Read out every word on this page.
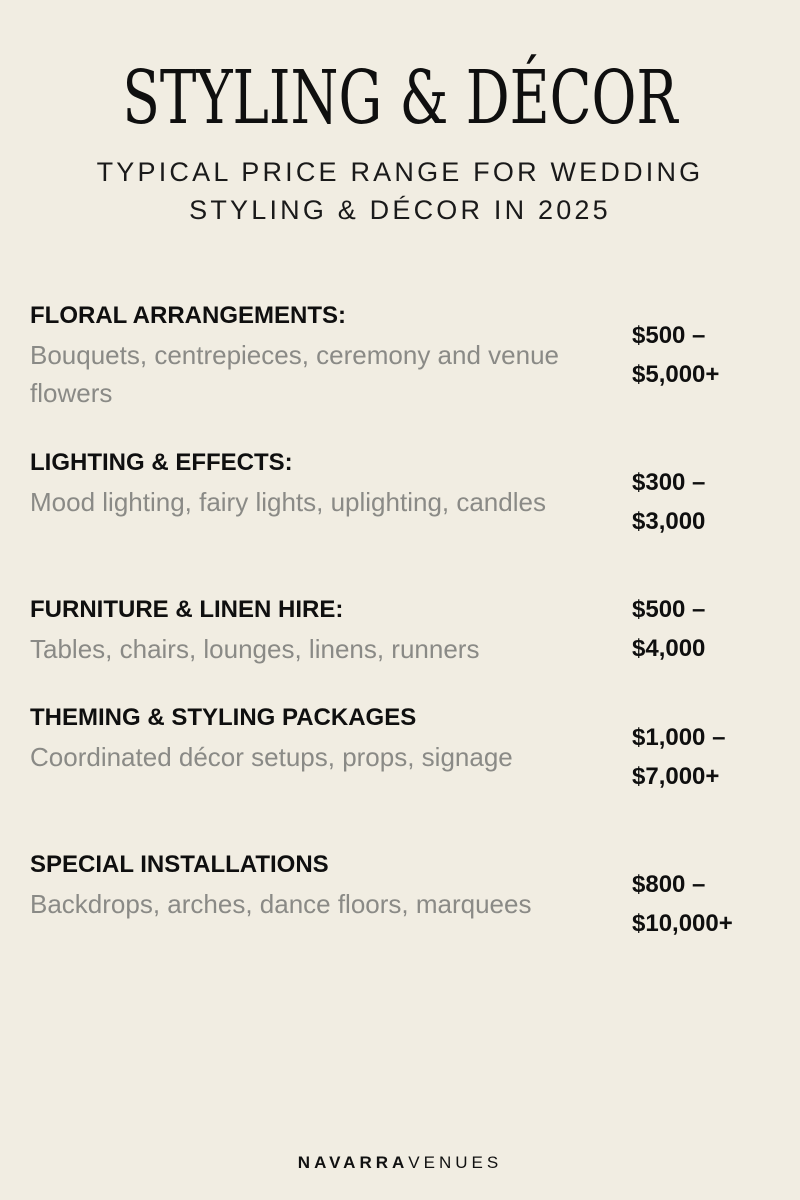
STYLING & DÉCOR
TYPICAL PRICE RANGE FOR WEDDING STYLING & DÉCOR IN 2025
FLORAL ARRANGEMENTS:
Bouquets, centrepieces, ceremony and venue flowers
$500 –
$5,000+
LIGHTING & EFFECTS:
Mood lighting, fairy lights, uplighting, candles
$300 –
$3,000
FURNITURE & LINEN HIRE:
Tables, chairs, lounges, linens, runners
$500 –
$4,000
THEMING & STYLING PACKAGES
Coordinated décor setups, props, signage
$1,000 –
$7,000+
SPECIAL INSTALLATIONS
Backdrops, arches, dance floors, marquees
$800 –
$10,000+
NAVARRAVENUES
